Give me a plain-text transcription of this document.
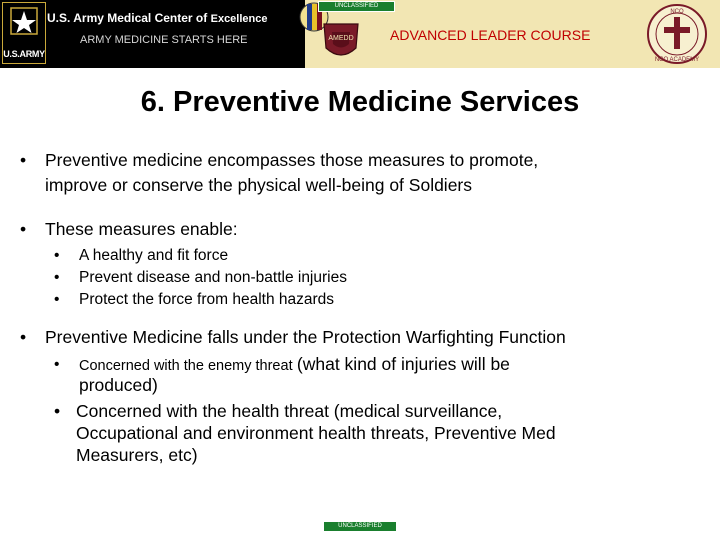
U.S.ARMY
U.S. Army Medical Center of Excellence
ARMY MEDICINE STARTS HERE	AMEDD
UNCLASSIFIED
ADVANCED LEADER COURSE
NCO
NCO ACADEMY
6. Preventive Medicine Services
• Preventive medicine encompasses those measures to promote,
improve or conserve the physical well-being of Soldiers
• These measures enable:
• A healthy and fit force
• Prevent disease and non-battle injuries
• Protect the force from health hazards
• Preventive Medicine falls under the Protection Warfighting Function
• Concerned with the enemy threat (what kind of injuries will be
produced)
• Concerned with the health threat (medical surveillance,
Occupational and environment health threats, Preventive Med
Measurers, etc)
UNCLASSIFIED
